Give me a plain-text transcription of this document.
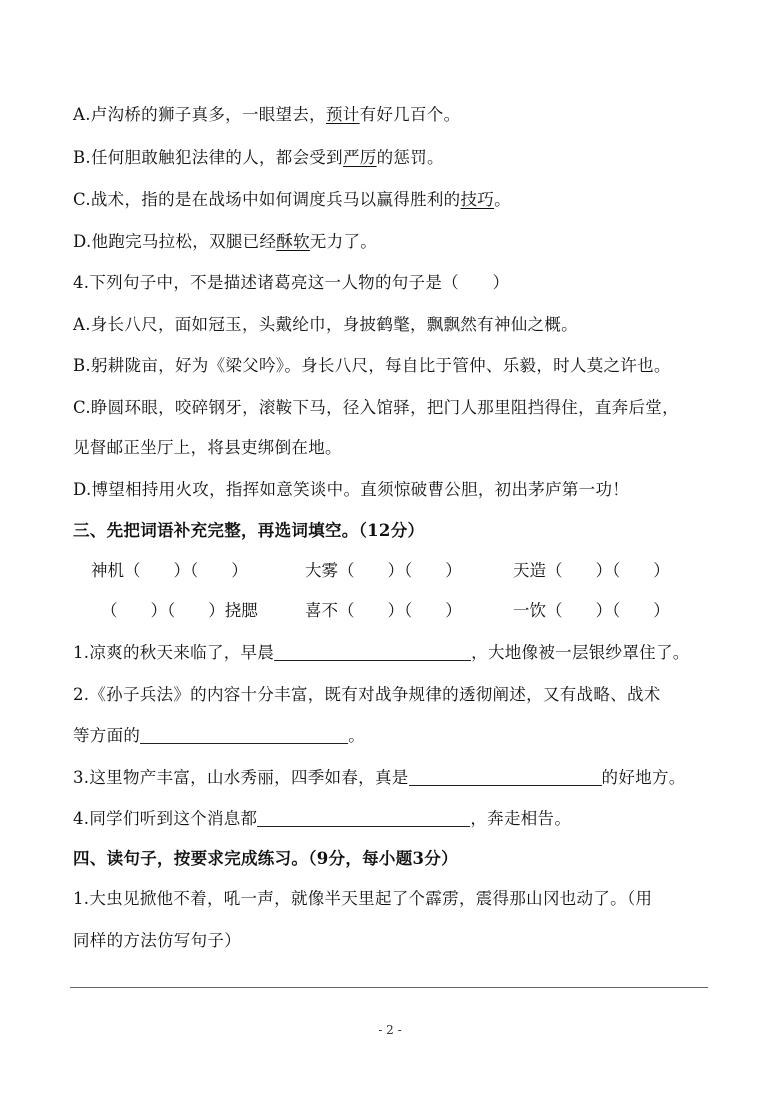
A.卢沟桥的狮子真多，一眼望去，预计有好几百个。
B.任何胆敢触犯法律的人，都会受到严厉的惩罚。
C.战术，指的是在战场中如何调度兵马以赢得胜利的技巧。
D.他跑完马拉松，双腿已经酥软无力了。
4.下列句子中，不是描述诸葛亮这一人物的句子是（　　）
A.身长八尺，面如冠玉，头戴纶巾，身披鹤氅，飘飘然有神仙之概。
B.躬耕陇亩，好为《梁父吟》。身长八尺，每自比于管仲、乐毅，时人莫之许也。
C.睁圆环眼，咬碎钢牙，滚鞍下马，径入馆驿，把门人那里阻挡得住，直奔后堂，
见督邮正坐厅上，将县吏绑倒在地。
D.博望相持用火攻，指挥如意笑谈中。直须惊破曹公胆，初出茅庐第一功！
三、先把词语补充完整，再选词填空。（12分）
神机（　　）（　　）	大雾（　　）（　　）	天造（　　）（　　）
（　　）（　　）挠腮	喜不（　　）（　　）	一饮（　　）（　　）
1.凉爽的秋天来临了，早晨	，大地像被一层银纱罩住了。
2.《孙子兵法》的内容十分丰富，既有对战争规律的透彻阐述，又有战略、战术
等方面的	。
3.这里物产丰富，山水秀丽，四季如春，真是	的好地方。
4.同学们听到这个消息都	，奔走相告。
四、读句子，按要求完成练习。（9分，每小题3分）
1.大虫见掀他不着，吼一声，就像半天里起了个霹雳，震得那山冈也动了。（用
同样的方法仿写句子）
- 2 -
